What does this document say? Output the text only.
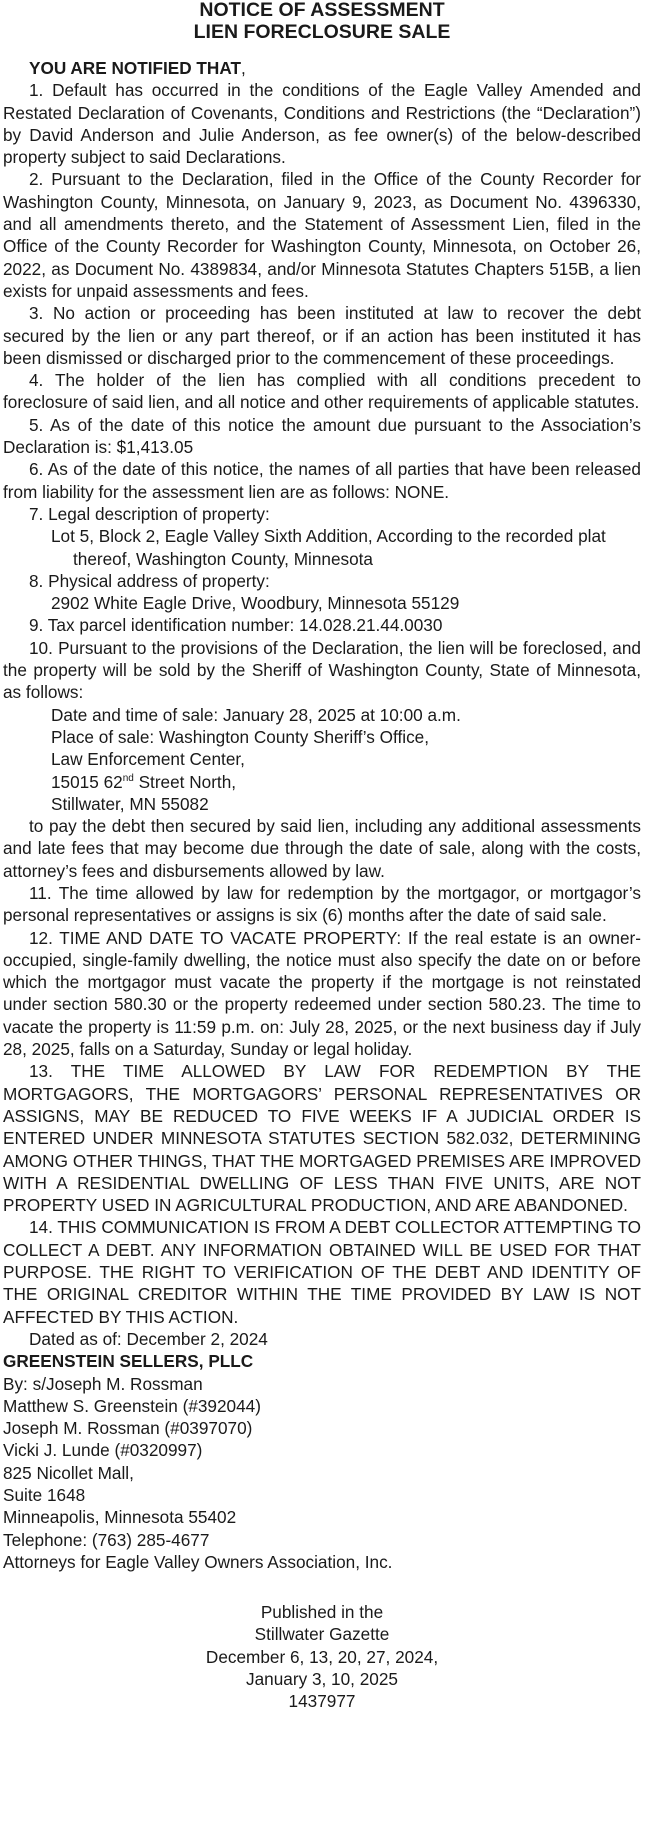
NOTICE OF ASSESSMENT
LIEN FORECLOSURE SALE

YOU ARE NOTIFIED THAT,

1. Default has occurred in the conditions of the Eagle Valley Amended and Restated Declaration of Covenants, Conditions and Restrictions (the “Declaration”) by David Anderson and Julie Anderson, as fee owner(s) of the below-described property subject to said Declarations.

2. Pursuant to the Declaration, filed in the Office of the County Recorder for Washington County, Minnesota, on January 9, 2023, as Document No. 4396330, and all amendments thereto, and the Statement of Assessment Lien, filed in the Office of the County Recorder for Washington County, Minnesota, on October 26, 2022, as Document No. 4389834, and/or Minnesota Statutes Chapters 515B, a lien exists for unpaid assessments and fees.

3. No action or proceeding has been instituted at law to recover the debt secured by the lien or any part thereof, or if an action has been instituted it has been dismissed or discharged prior to the commencement of these proceedings.

4. The holder of the lien has complied with all conditions precedent to foreclosure of said lien, and all notice and other requirements of applicable statutes.

5. As of the date of this notice the amount due pursuant to the Association’s Declaration is: $1,413.05

6. As of the date of this notice, the names of all parties that have been released from liability for the assessment lien are as follows: NONE.

7. Legal description of property:

Lot 5, Block 2, Eagle Valley Sixth Addition, According to the recorded plat thereof, Washington County, Minnesota

8. Physical address of property:

2902 White Eagle Drive, Woodbury, Minnesota 55129

9. Tax parcel identification number: 14.028.21.44.0030

10. Pursuant to the provisions of the Declaration, the lien will be foreclosed, and the property will be sold by the Sheriff of Washington County, State of Minnesota, as follows:

Date and time of sale: January 28, 2025 at 10:00 a.m.
Place of sale: Washington County Sheriff’s Office,
Law Enforcement Center,
15015 62nd Street North,
Stillwater, MN 55082

to pay the debt then secured by said lien, including any additional assessments and late fees that may become due through the date of sale, along with the costs, attorney’s fees and disbursements allowed by law.

11. The time allowed by law for redemption by the mortgagor, or mortgagor’s personal representatives or assigns is six (6) months after the date of said sale.

12. TIME AND DATE TO VACATE PROPERTY: If the real estate is an owner-occupied, single-family dwelling, the notice must also specify the date on or before which the mortgagor must vacate the property if the mortgage is not reinstated under section 580.30 or the property redeemed under section 580.23. The time to vacate the property is 11:59 p.m. on: July 28, 2025, or the next business day if July 28, 2025, falls on a Saturday, Sunday or legal holiday.

13. THE TIME ALLOWED BY LAW FOR REDEMPTION BY THE MORTGAGORS, THE MORTGAGORS’ PERSONAL REPRESENTATIVES OR ASSIGNS, MAY BE REDUCED TO FIVE WEEKS IF A JUDICIAL ORDER IS ENTERED UNDER MINNESOTA STATUTES SECTION 582.032, DETERMINING AMONG OTHER THINGS, THAT THE MORTGAGED PREMISES ARE IMPROVED WITH A RESIDENTIAL DWELLING OF LESS THAN FIVE UNITS, ARE NOT PROPERTY USED IN AGRICULTURAL PRODUCTION, AND ARE ABANDONED.

14. THIS COMMUNICATION IS FROM A DEBT COLLECTOR ATTEMPTING TO COLLECT A DEBT. ANY INFORMATION OBTAINED WILL BE USED FOR THAT PURPOSE. THE RIGHT TO VERIFICATION OF THE DEBT AND IDENTITY OF THE ORIGINAL CREDITOR WITHIN THE TIME PROVIDED BY LAW IS NOT AFFECTED BY THIS ACTION.

Dated as of: December 2, 2024
GREENSTEIN SELLERS, PLLC
By: s/Joseph M. Rossman
Matthew S. Greenstein (#392044)
Joseph M. Rossman (#0397070)
Vicki J. Lunde (#0320997)
825 Nicollet Mall,
Suite 1648
Minneapolis, Minnesota 55402
Telephone: (763) 285-4677
Attorneys for Eagle Valley Owners Association, Inc.
Published in the
Stillwater Gazette
December 6, 13, 20, 27, 2024,
January 3, 10, 2025
1437977
